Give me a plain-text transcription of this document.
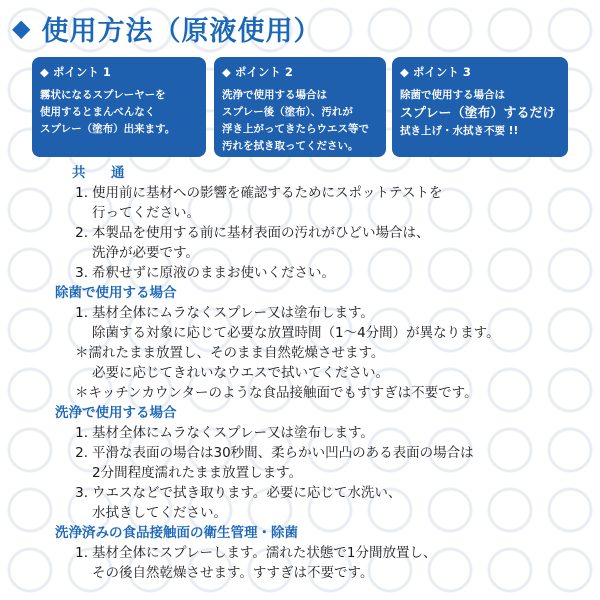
◆ 使用方法（原液使用）
◆ ポイント 1
霧状になるスプレーヤーを
使用するとまんべんなく
スプレー（塗布）出来ます。
◆ ポイント 2
洗浄で使用する場合は
スプレー後（塗布）、汚れが
浮き上がってきたらウエス等で
汚れを拭き取ってください。
◆ ポイント 3
除菌で使用する場合は
スプレー（塗布）するだけ
拭き上げ・水拭き不要 !!
共　通
1. 使用前に基材への影響を確認するためにスポットテストを
行ってください。
2. 本製品を使用する前に基材表面の汚れがひどい場合は、
洗浄が必要です。
3. 希釈せずに原液のままお使いください。
除菌で使用する場合
1. 基材全体にムラなくスプレー又は塗布します。
除菌する対象に応じて必要な放置時間（1〜4分間）が異なります。
＊濡れたまま放置し、そのまま自然乾燥させます。
必要に応じてきれいなウエスで拭いてください。
＊キッチンカウンターのような食品接触面でもすすぎは不要です。
洗浄で使用する場合
1. 基材全体にムラなくスプレー又は塗布します。
2. 平滑な表面の場合は30秒間、柔らかい凹凸のある表面の場合は
2分間程度濡れたまま放置します。
3. ウエスなどで拭き取ります。必要に応じて水洗い、
水拭きしてください。
洗浄済みの食品接触面の衛生管理・除菌
1. 基材全体にスプレーします。濡れた状態で1分間放置し、
その後自然乾燥させます。すすぎは不要です。
